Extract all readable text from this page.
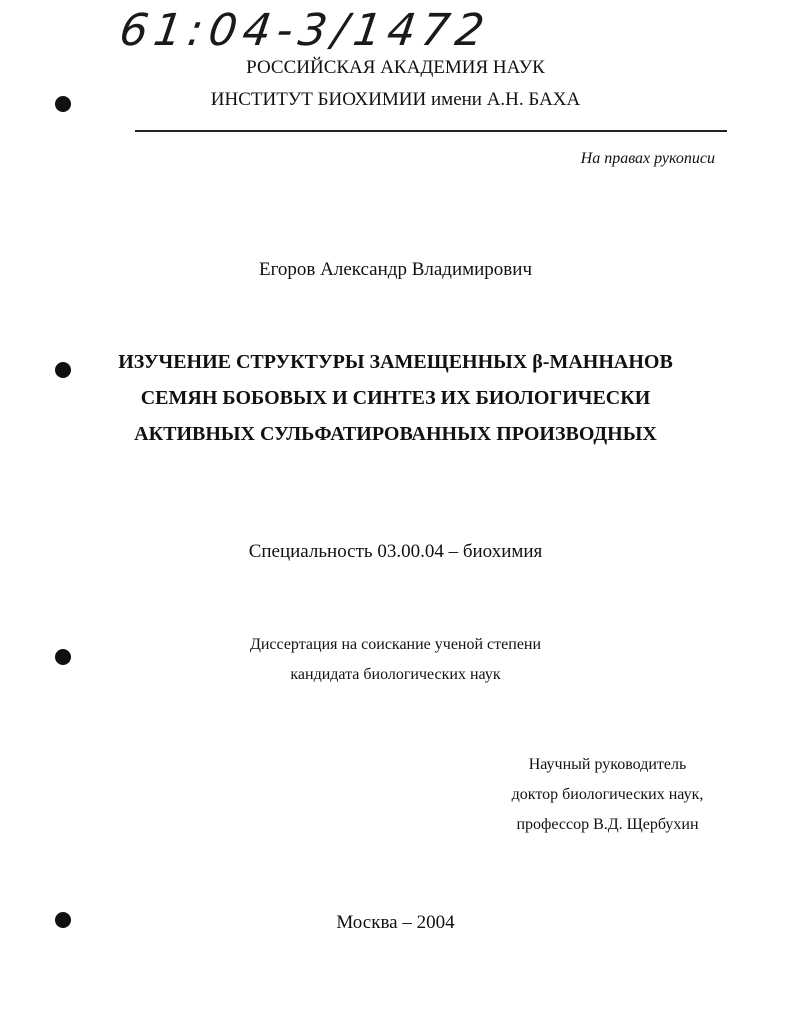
61:04-3/1472
РОССИЙСКАЯ АКАДЕМИЯ НАУК
ИНСТИТУТ БИОХИМИИ имени А.Н. БАХА
На правах рукописи
Егоров Александр Владимирович
ИЗУЧЕНИЕ СТРУКТУРЫ ЗАМЕЩЕННЫХ β-МАННАНОВ
СЕМЯН БОБОВЫХ И СИНТЕЗ ИХ БИОЛОГИЧЕСКИ
АКТИВНЫХ СУЛЬФАТИРОВАННЫХ ПРОИЗВОДНЫХ
Специальность 03.00.04 – биохимия
Диссертация на соискание ученой степени
кандидата биологических наук
Научный руководитель
доктор биологических наук,
профессор В.Д. Щербухин
Москва – 2004
